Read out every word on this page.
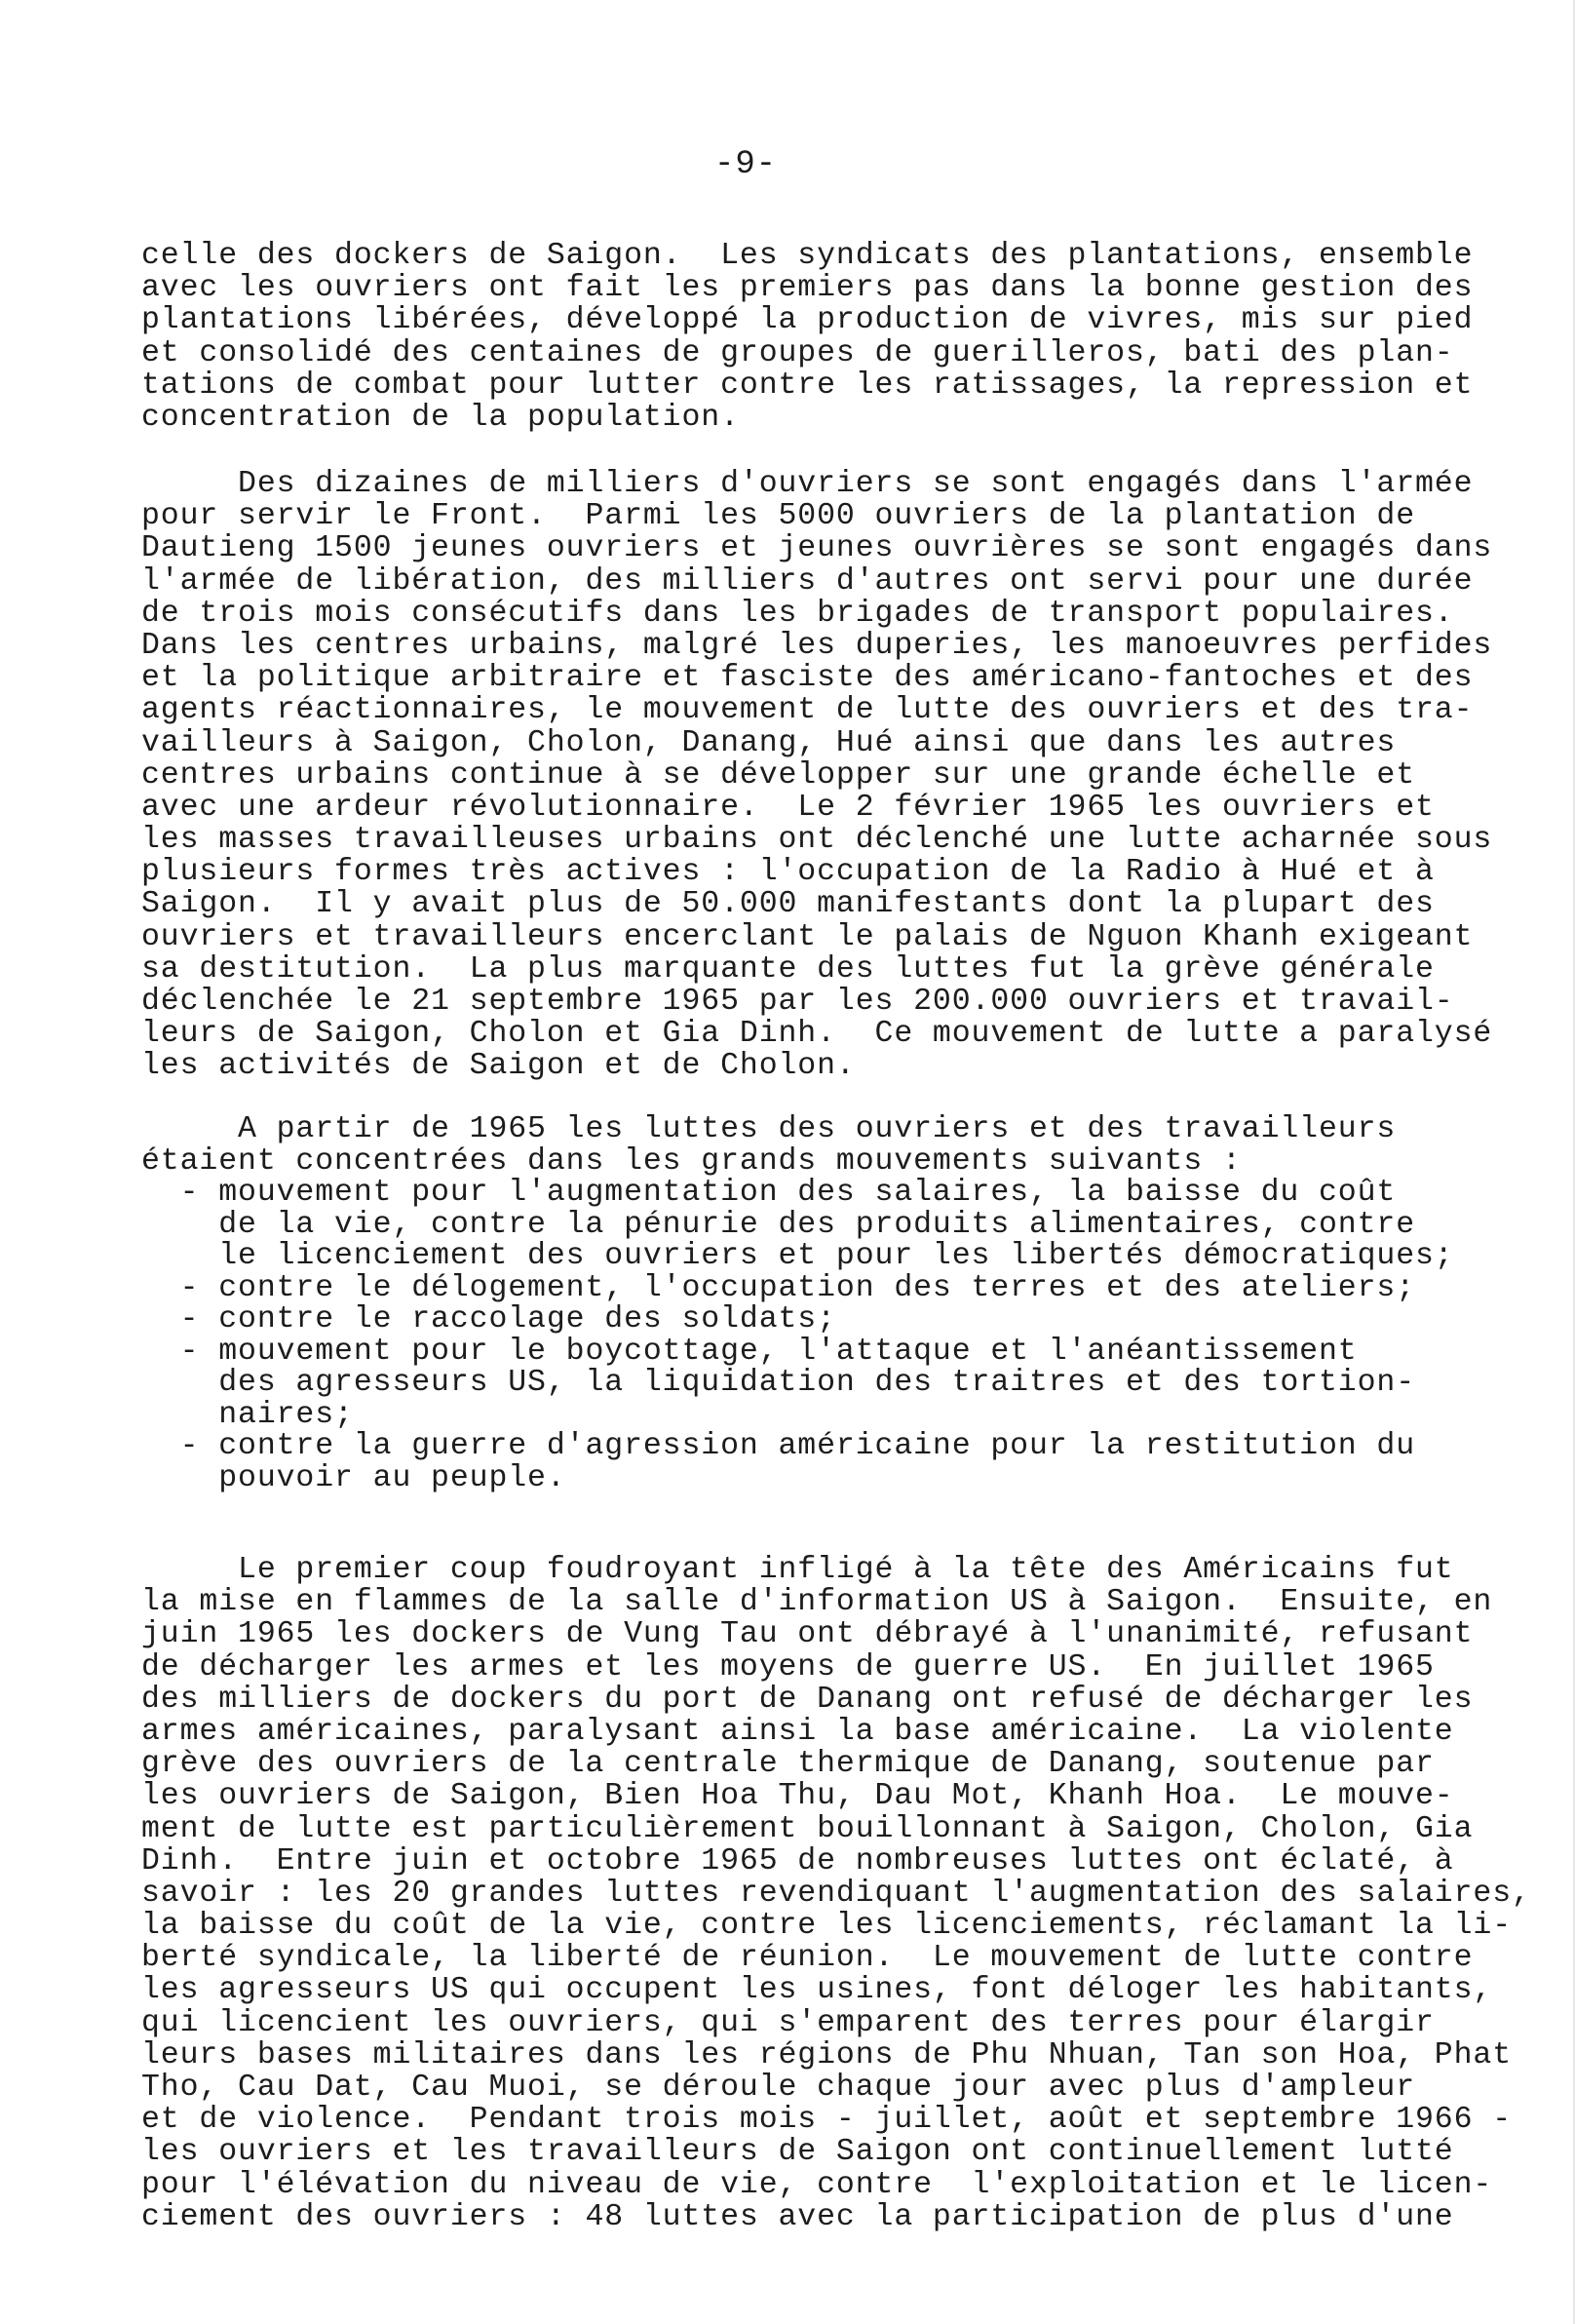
-9-
celle des dockers de Saigon.  Les syndicats des plantations, ensemble
avec les ouvriers ont fait les premiers pas dans la bonne gestion des
plantations libérées, développé la production de vivres, mis sur pied
et consolidé des centaines de groupes de guerilleros, bati des plan-
tations de combat pour lutter contre les ratissages, la repression et
concentration de la population.
Des dizaines de milliers d'ouvriers se sont engagés dans l'armée
pour servir le Front.  Parmi les 5000 ouvriers de la plantation de
Dautieng 1500 jeunes ouvriers et jeunes ouvrières se sont engagés dans
l'armée de libération, des milliers d'autres ont servi pour une durée
de trois mois consécutifs dans les brigades de transport populaires.
Dans les centres urbains, malgré les duperies, les manoeuvres perfides
et la politique arbitraire et fasciste des américano-fantoches et des
agents réactionnaires, le mouvement de lutte des ouvriers et des tra-
vailleurs à Saigon, Cholon, Danang, Hué ainsi que dans les autres
centres urbains continue à se développer sur une grande échelle et
avec une ardeur révolutionnaire.  Le 2 février 1965 les ouvriers et
les masses travailleuses urbains ont déclenché une lutte acharnée sous
plusieurs formes très actives : l'occupation de la Radio à Hué et à
Saigon.  Il y avait plus de 50.000 manifestants dont la plupart des
ouvriers et travailleurs encerclant le palais de Nguon Khanh exigeant
sa destitution.  La plus marquante des luttes fut la grève générale
déclenchée le 21 septembre 1965 par les 200.000 ouvriers et travail-
leurs de Saigon, Cholon et Gia Dinh.  Ce mouvement de lutte a paralysé
les activités de Saigon et de Cholon.
A partir de 1965 les luttes des ouvriers et des travailleurs
étaient concentrées dans les grands mouvements suivants :
- mouvement pour l'augmentation des salaires, la baisse du coût
de la vie, contre la pénurie des produits alimentaires, contre
le licenciement des ouvriers et pour les libertés démocratiques;
- contre le délogement, l'occupation des terres et des ateliers;
- contre le raccolage des soldats;
- mouvement pour le boycottage, l'attaque et l'anéantissement
des agresseurs US, la liquidation des traitres et des tortion-
naires;
- contre la guerre d'agression américaine pour la restitution du
pouvoir au peuple.
Le premier coup foudroyant infligé à la tête des Américains fut
la mise en flammes de la salle d'information US à Saigon.  Ensuite, en
juin 1965 les dockers de Vung Tau ont débrayé à l'unanimité, refusant
de décharger les armes et les moyens de guerre US.  En juillet 1965
des milliers de dockers du port de Danang ont refusé de décharger les
armes américaines, paralysant ainsi la base américaine.  La violente
grève des ouvriers de la centrale thermique de Danang, soutenue par
les ouvriers de Saigon, Bien Hoa Thu, Dau Mot, Khanh Hoa.  Le mouve-
ment de lutte est particulièrement bouillonnant à Saigon, Cholon, Gia
Dinh.  Entre juin et octobre 1965 de nombreuses luttes ont éclaté, à
savoir : les 20 grandes luttes revendiquant l'augmentation des salaires,
la baisse du coût de la vie, contre les licenciements, réclamant la li-
berté syndicale, la liberté de réunion.  Le mouvement de lutte contre
les agresseurs US qui occupent les usines, font déloger les habitants,
qui licencient les ouvriers, qui s'emparent des terres pour élargir
leurs bases militaires dans les régions de Phu Nhuan, Tan son Hoa, Phat
Tho, Cau Dat, Cau Muoi, se déroule chaque jour avec plus d'ampleur
et de violence.  Pendant trois mois - juillet, août et septembre 1966 -
les ouvriers et les travailleurs de Saigon ont continuellement lutté
pour l'élévation du niveau de vie, contre  l'exploitation et le licen-
ciement des ouvriers : 48 luttes avec la participation de plus d'une
